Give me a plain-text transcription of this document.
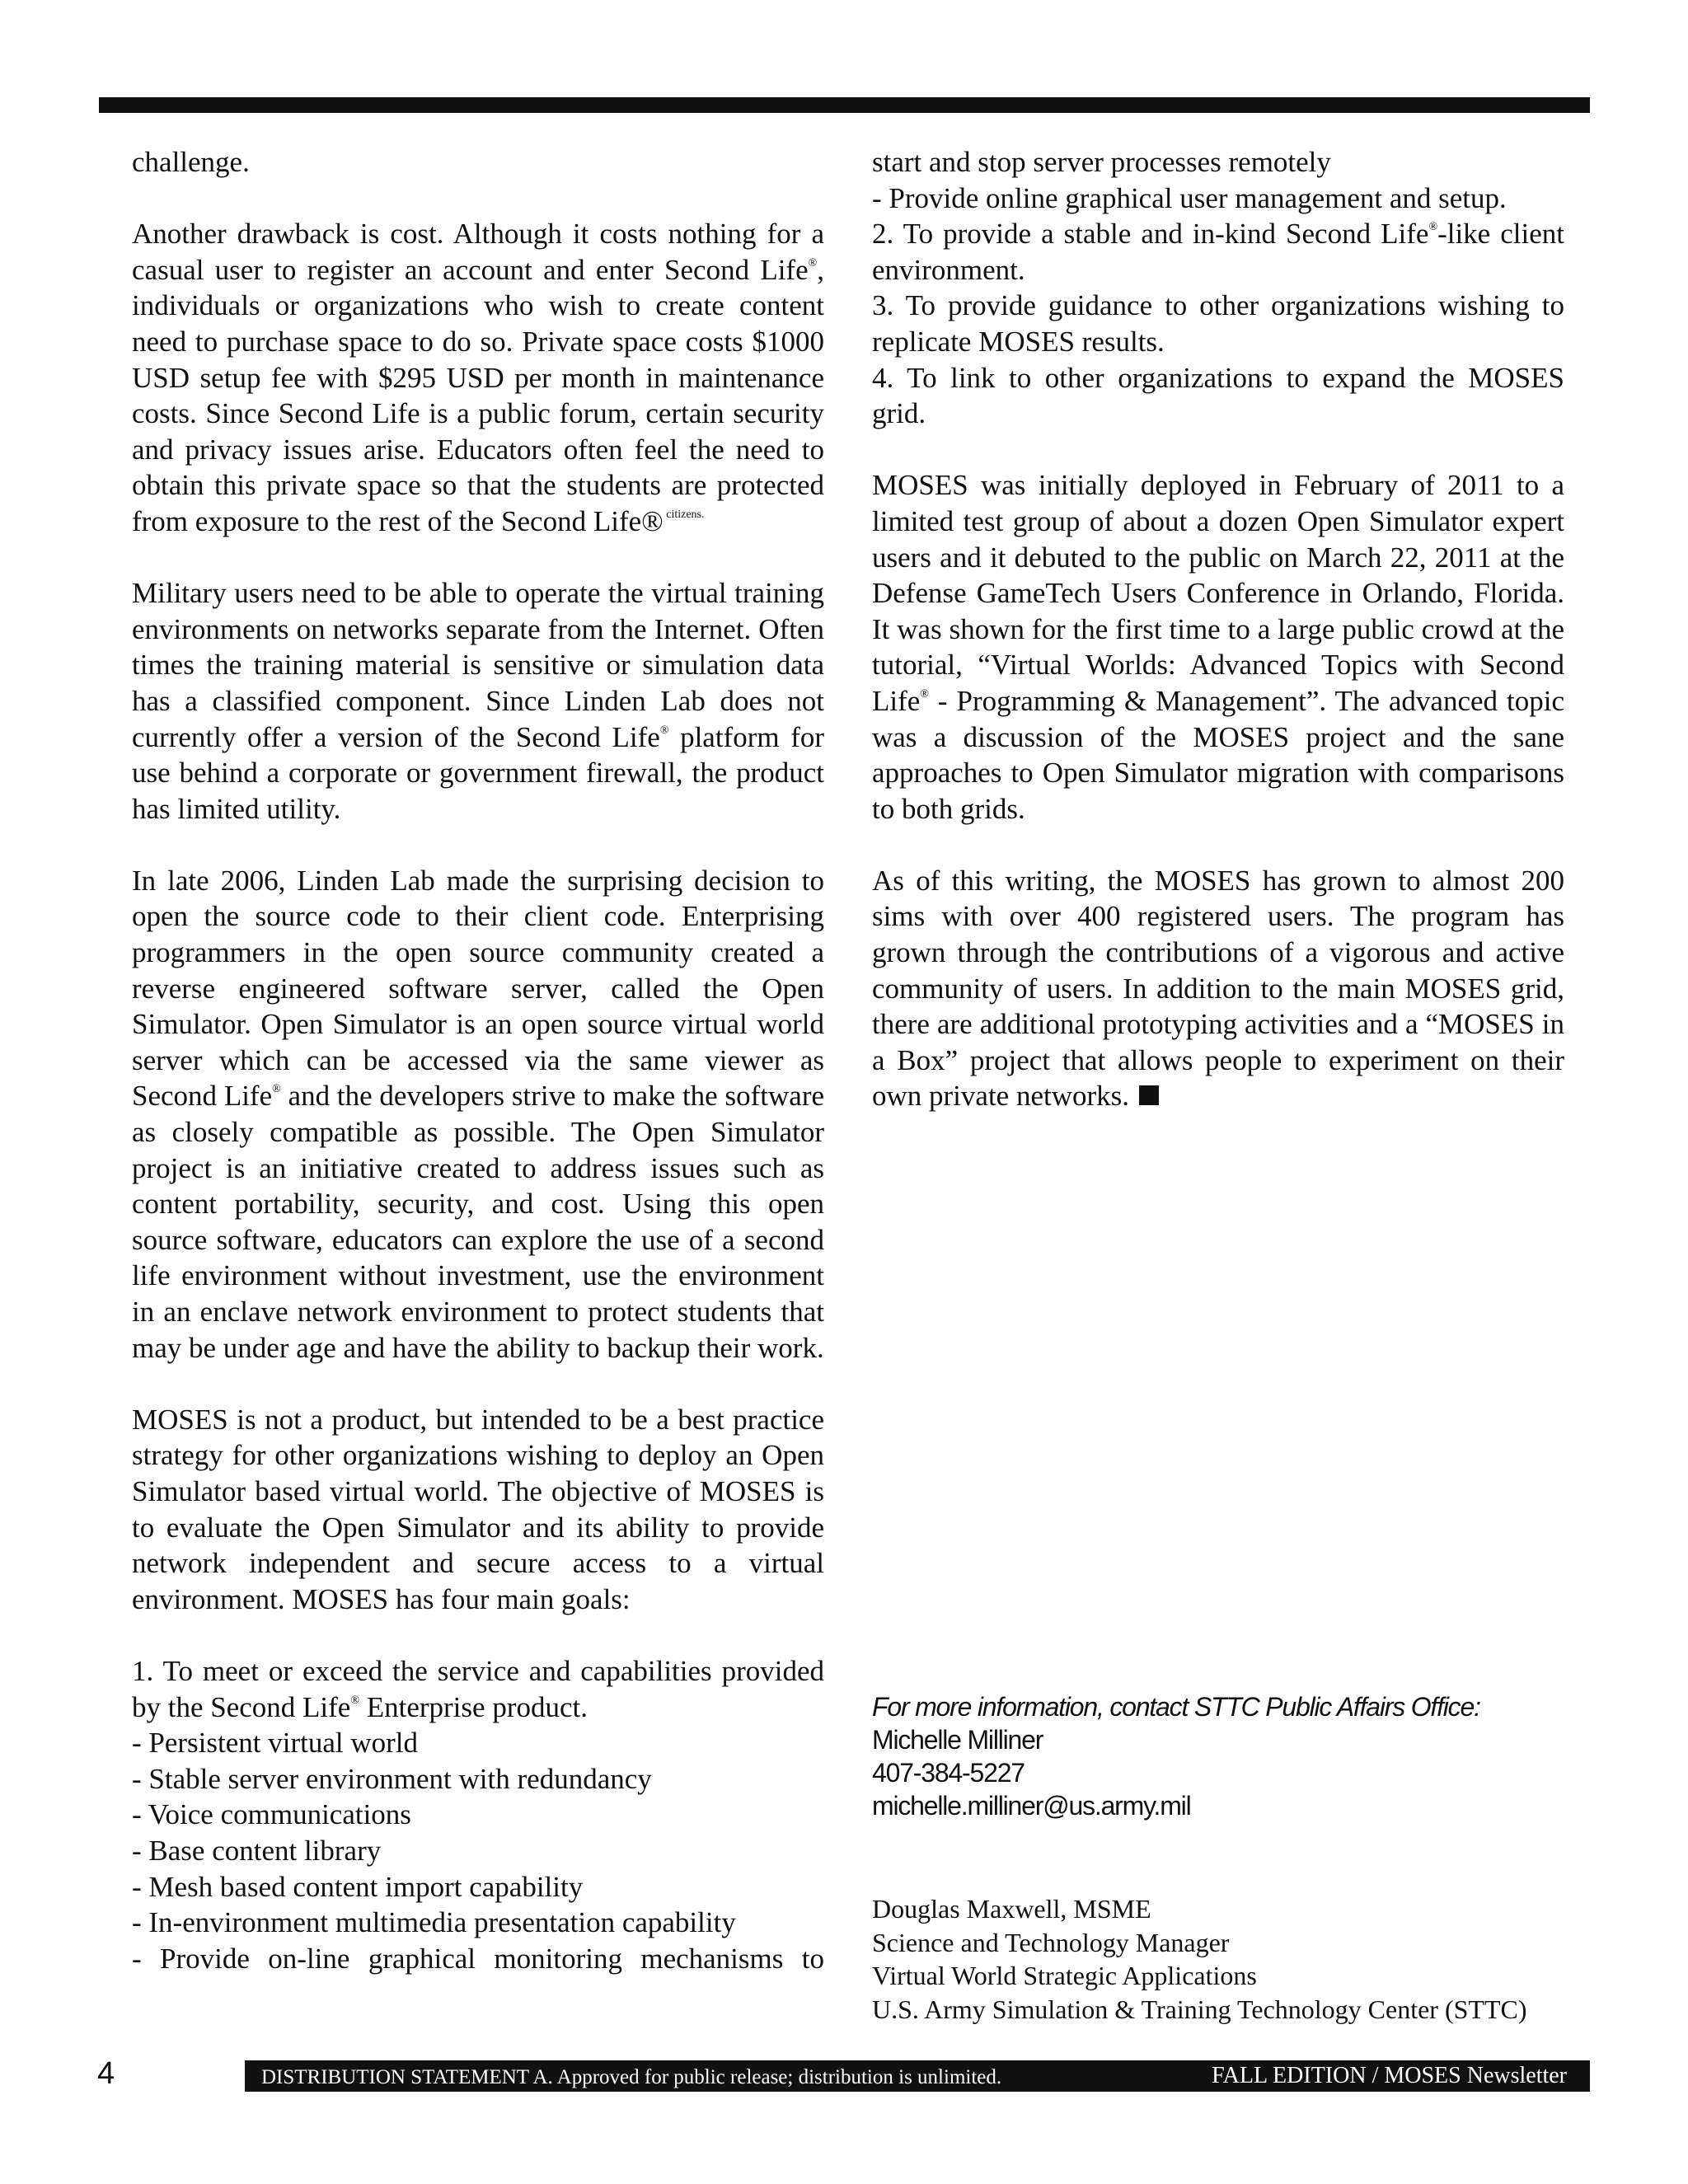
challenge.

Another drawback is cost. Although it costs nothing for a casual user to register an account and enter Second Life®, individuals or organizations who wish to create content need to purchase space to do so. Private space costs $1000 USD setup fee with $295 USD per month in maintenance costs. Since Second Life is a public forum, certain security and privacy issues arise. Educators often feel the need to obtain this private space so that the students are protected from exposure to the rest of the Second Life® $^{citizens.}$

Military users need to be able to operate the virtual training environments on networks separate from the Internet. Often times the training material is sensitive or simulation data has a classified component. Since Linden Lab does not currently offer a version of the Second Life® platform for use behind a corporate or government firewall, the product has limited utility.

In late 2006, Linden Lab made the surprising decision to open the source code to their client code. Enterprising programmers in the open source community created a reverse engineered software server, called the Open Simulator. Open Simulator is an open source virtual world server which can be accessed via the same viewer as Second Life® and the developers strive to make the software as closely compatible as possible. The Open Simulator project is an initiative created to address issues such as content portability, security, and cost. Using this open source software, educators can explore the use of a second life environment without investment, use the environment in an enclave network environment to protect students that may be under age and have the ability to backup their work.

MOSES is not a product, but intended to be a best practice strategy for other organizations wishing to deploy an Open Simulator based virtual world. The objective of MOSES is to evaluate the Open Simulator and its ability to provide network independent and secure access to a virtual environment. MOSES has four main goals:

1. To meet or exceed the service and capabilities provided by the Second Life® Enterprise product.

- Persistent virtual world
- Stable server environment with redundancy
- Voice communications
- Base content library
- Mesh based content import capability
- In-environment multimedia presentation capability
- Provide on-line graphical monitoring mechanisms to
start and stop server processes remotely
- Provide online graphical user management and setup.

2. To provide a stable and in-kind Second Life®-like client environment.

3. To provide guidance to other organizations wishing to replicate MOSES results.

4. To link to other organizations to expand the MOSES grid.

MOSES was initially deployed in February of 2011 to a limited test group of about a dozen Open Simulator expert users and it debuted to the public on March 22, 2011 at the Defense GameTech Users Conference in Orlando, Florida. It was shown for the first time to a large public crowd at the tutorial, “Virtual Worlds: Advanced Topics with Second Life® - Programming & Management”. The advanced topic was a discussion of the MOSES project and the sane approaches to Open Simulator migration with comparisons to both grids.

As of this writing, the MOSES has grown to almost 200 sims with over 400 registered users. The program has grown through the contributions of a vigorous and active community of users. In addition to the main MOSES grid, there are additional prototyping activities and a “MOSES in a Box” project that allows people to experiment on their own private networks.

For more information, contact STTC Public Affairs Office:
Michelle Milliner
407-384-5227
michelle.milliner@us.army.mil
Douglas Maxwell, MSME
Science and Technology Manager
Virtual World Strategic Applications
U.S. Army Simulation & Training Technology Center (STTC)
4	DISTRIBUTION STATEMENT A. Approved for public release; distribution is unlimited.	FALL EDITION / MOSES Newsletter
